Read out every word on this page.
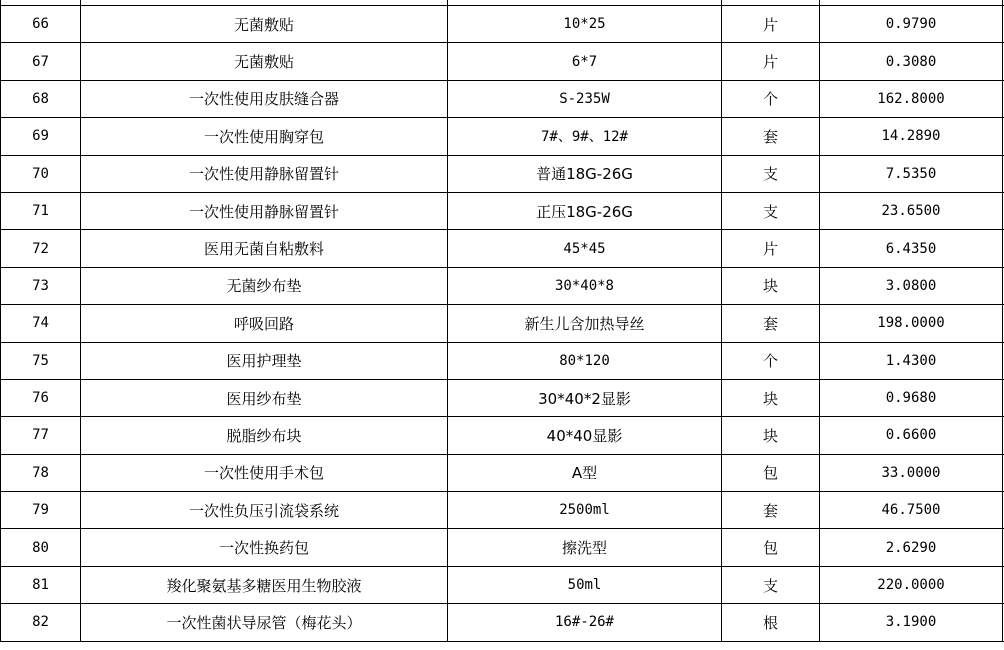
66	无菌敷贴	10*25	片	0.9790
67	无菌敷贴	6*7	片	0.3080
68	一次性使用皮肤缝合器	S-235W	个	162.8000
69	一次性使用胸穿包	7#、9#、12#	套	14.2890
70	一次性使用静脉留置针	普通18G-26G	支	7.5350
71	一次性使用静脉留置针	正压18G-26G	支	23.6500
72	医用无菌自粘敷料	45*45	片	6.4350
73	无菌纱布垫	30*40*8	块	3.0800
74	呼吸回路	新生儿含加热导丝	套	198.0000
75	医用护理垫	80*120	个	1.4300
76	医用纱布垫	30*40*2显影	块	0.9680
77	脱脂纱布块	40*40显影	块	0.6600
78	一次性使用手术包	A型	包	33.0000
79	一次性负压引流袋系统	2500ml	套	46.7500
80	一次性换药包	擦洗型	包	2.6290
81	羧化聚氨基多糖医用生物胶液	50ml	支	220.0000
82	一次性菌状导尿管（梅花头）	16#-26#	根	3.1900
